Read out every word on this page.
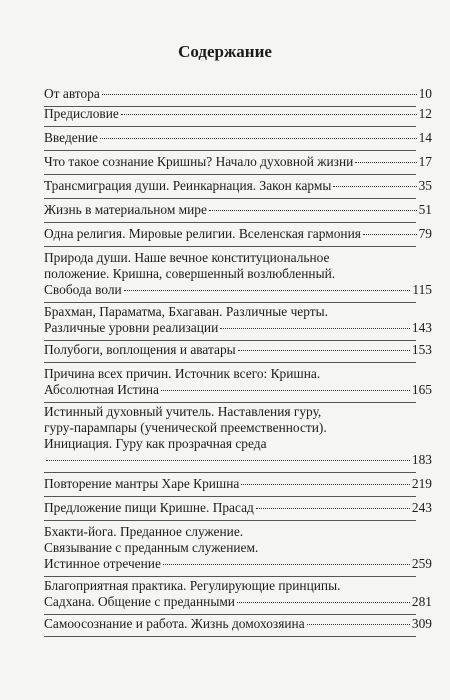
Содержание
От автора	10
Предисловие	12
Введение	14
Что такое сознание Кришны? Начало духовной жизни	17
Трансмиграция души. Реинкарнация. Закон кармы	35
Жизнь в материальном мире	51
Одна религия. Мировые религии. Вселенская гармония	79
Природа души. Наше вечное конституциональное
положение. Кришна, совершенный возлюбленный.
Свобода воли	115
Брахман, Параматма, Бхагаван. Различные черты.
Различные уровни реализации	143
Полубоги, воплощения и аватары	153
Причина всех причин. Источник всего: Кришна.
Абсолютная Истина	165
Истинный духовный учитель. Наставления гуру,
гуру-парампары (ученической преемственности).
Инициация. Гуру как прозрачная среда
183
Повторение мантры Харе Кришна	219
Предложение пищи Кришне. Прасад	243
Бхакти-йога. Преданное служение.
Связывание с преданным служением.
Истинное отречение	259
Благоприятная практика. Регулирующие принципы.
Садхана. Общение с преданными	281
Самоосознание и работа. Жизнь домохозяина	309
